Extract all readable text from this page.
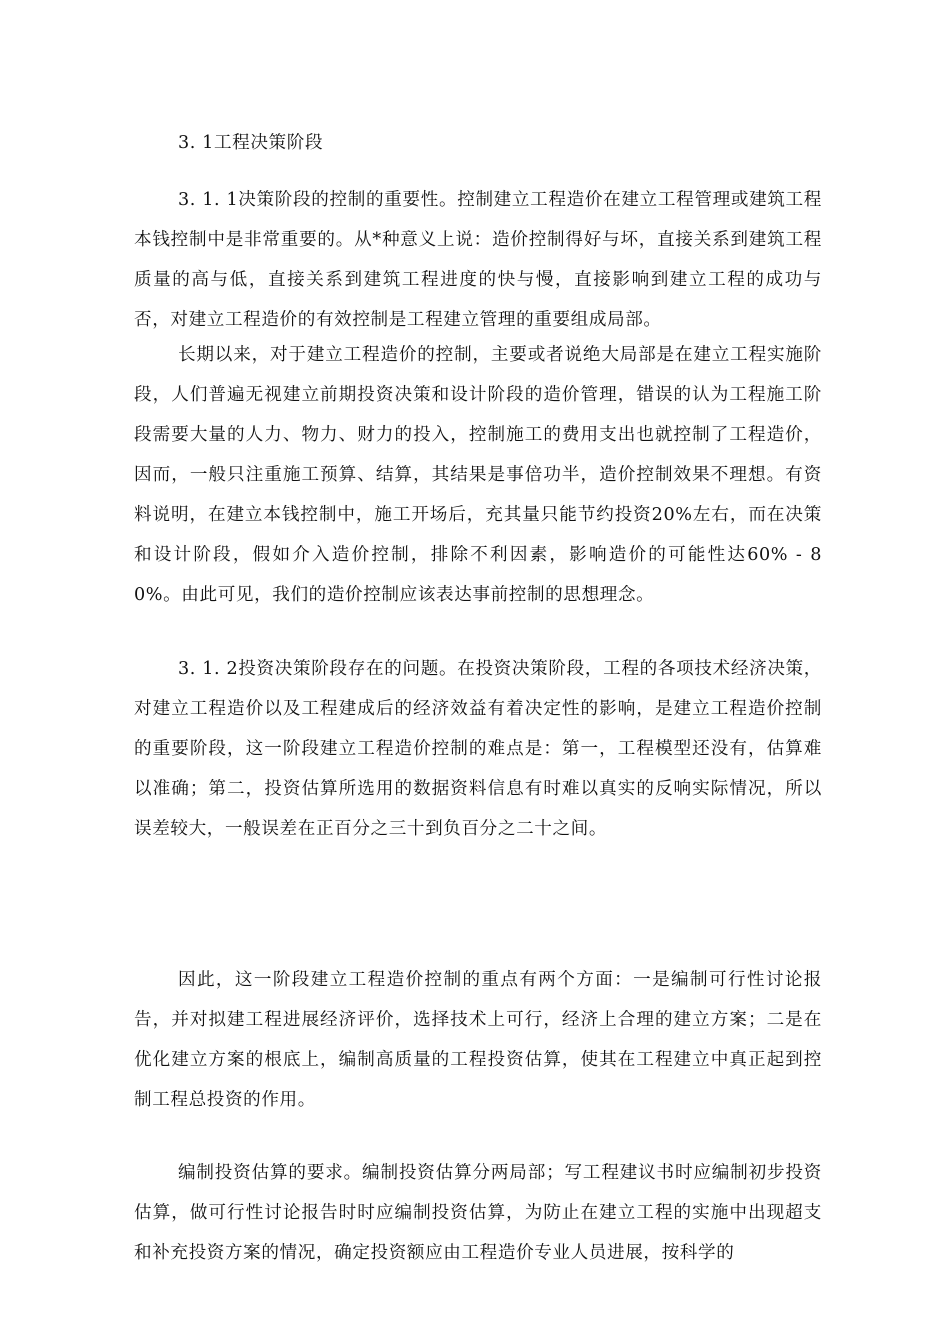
3. 1工程决策阶段

3. 1. 1决策阶段的控制的重要性。控制建立工程造价在建立工程管理或建筑工程本钱控制中是非常重要的。从*种意义上说：造价控制得好与坏，直接关系到建筑工程质量的高与低，直接关系到建筑工程进度的快与慢，直接影响到建立工程的成功与否，对建立工程造价的有效控制是工程建立管理的重要组成局部。

长期以来，对于建立工程造价的控制，主要或者说绝大局部是在建立工程实施阶段，人们普遍无视建立前期投资决策和设计阶段的造价管理，错误的认为工程施工阶段需要大量的人力、物力、财力的投入，控制施工的费用支出也就控制了工程造价，因而，一般只注重施工预算、结算，其结果是事倍功半，造价控制效果不理想。有资料说明，在建立本钱控制中，施工开场后，充其量只能节约投资20%左右，而在决策和设计阶段，假如介入造价控制，排除不利因素，影响造价的可能性达60% - 8 0%。由此可见，我们的造价控制应该表达事前控制的思想理念。

3. 1. 2投资决策阶段存在的问题。在投资决策阶段，工程的各项技术经济决策，对建立工程造价以及工程建成后的经济效益有着决定性的影响，是建立工程造价控制的重要阶段，这一阶段建立工程造价控制的难点是：第一，工程模型还没有，估算难以准确；第二，投资估算所选用的数据资料信息有时难以真实的反响实际情况，所以误差较大，一般误差在正百分之三十到负百分之二十之间。

因此，这一阶段建立工程造价控制的重点有两个方面：一是编制可行性讨论报告，并对拟建工程进展经济评价，选择技术上可行，经济上合理的建立方案；二是在优化建立方案的根底上，编制高质量的工程投资估算，使其在工程建立中真正起到控制工程总投资的作用。

编制投资估算的要求。编制投资估算分两局部；写工程建议书时应编制初步投资估算，做可行性讨论报告时时应编制投资估算，为防止在建立工程的实施中出现超支和补充投资方案的情况，确定投资额应由工程造价专业人员进展，按科学的
